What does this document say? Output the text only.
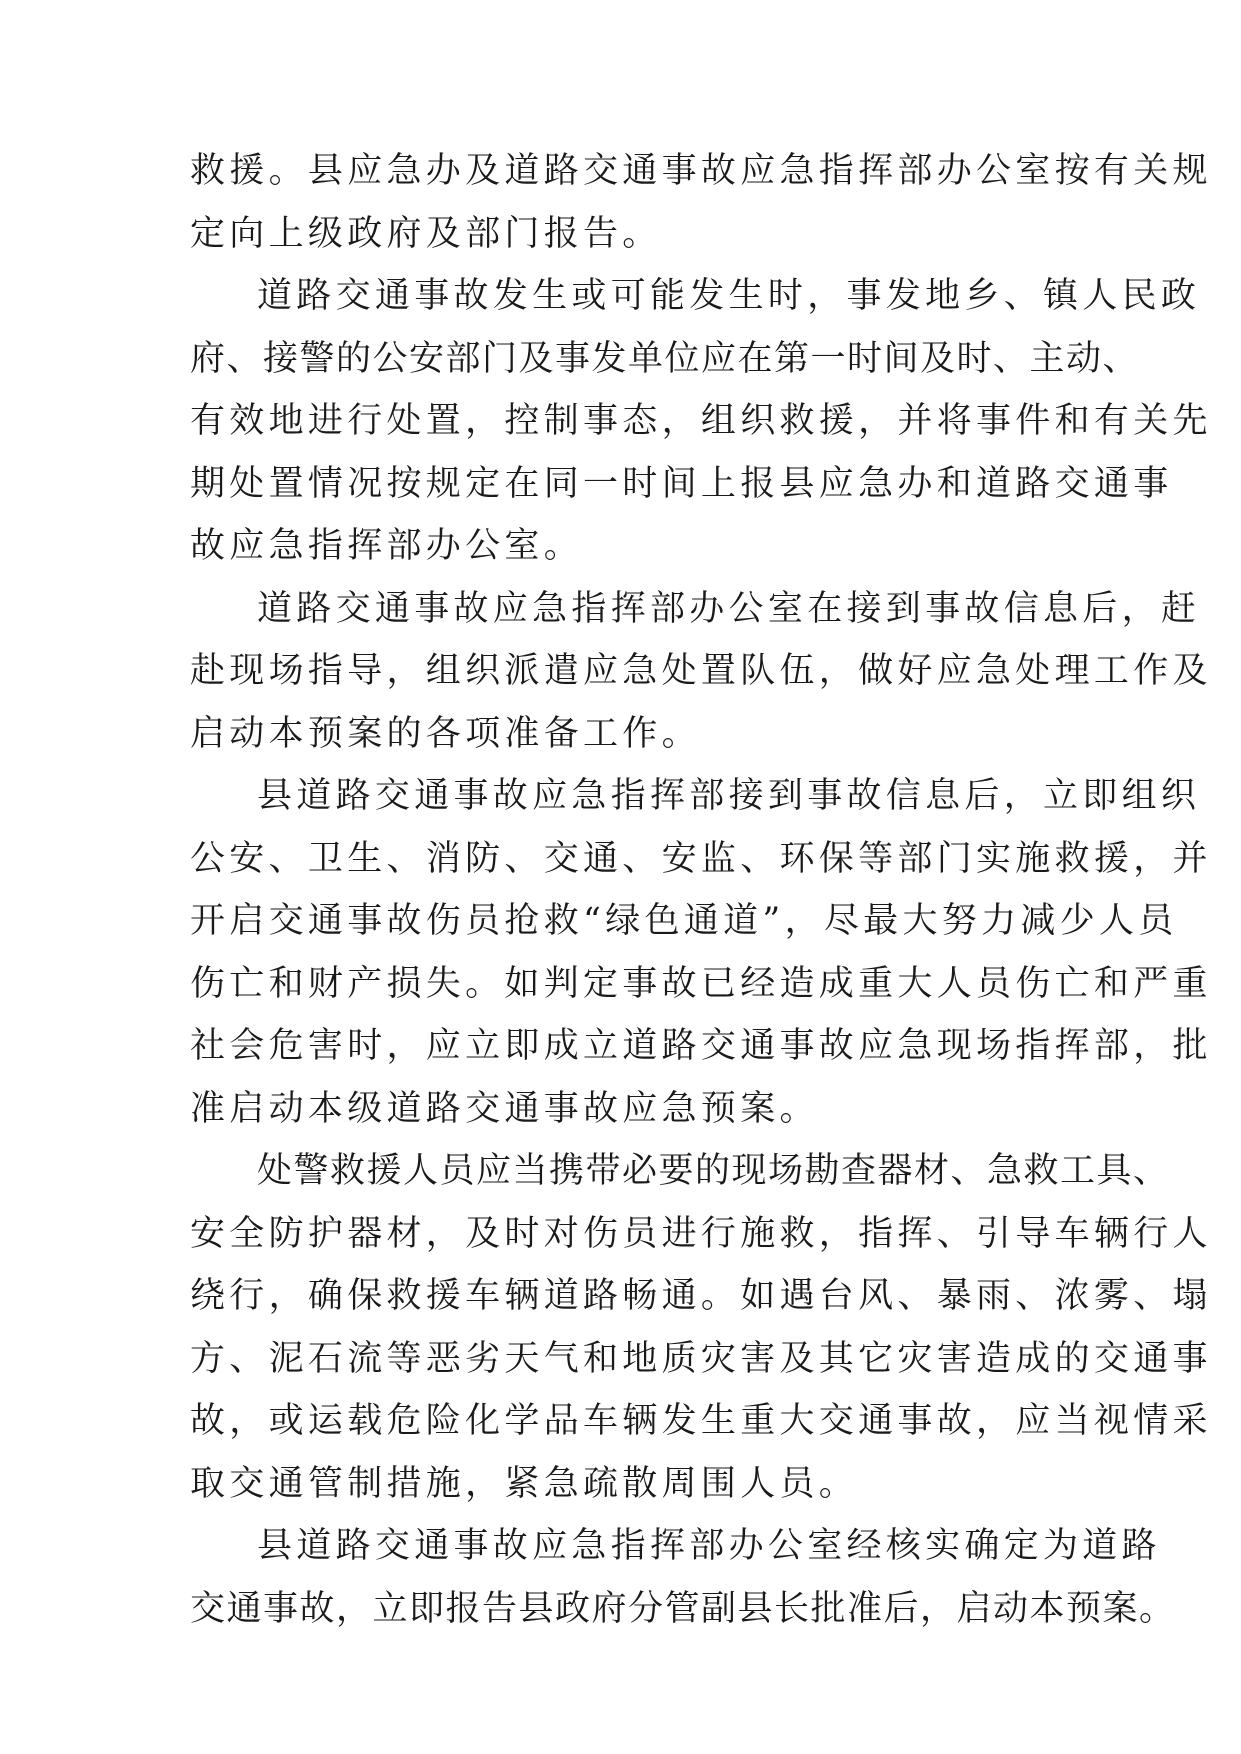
救援。县应急办及道路交通事故应急指挥部办公室按有关规
定向上级政府及部门报告。
道路交通事故发生或可能发生时，事发地乡、镇人民政
府、接警的公安部门及事发单位应在第一时间及时、主动、
有效地进行处置，控制事态，组织救援，并将事件和有关先
期处置情况按规定在同一时间上报县应急办和道路交通事
故应急指挥部办公室。
道路交通事故应急指挥部办公室在接到事故信息后，赶
赴现场指导，组织派遣应急处置队伍，做好应急处理工作及
启动本预案的各项准备工作。
县道路交通事故应急指挥部接到事故信息后，立即组织
公安、卫生、消防、交通、安监、环保等部门实施救援，并
开启交通事故伤员抢救“绿色通道”，尽最大努力减少人员
伤亡和财产损失。如判定事故已经造成重大人员伤亡和严重
社会危害时，应立即成立道路交通事故应急现场指挥部，批
准启动本级道路交通事故应急预案。
处警救援人员应当携带必要的现场勘查器材、急救工具、
安全防护器材，及时对伤员进行施救，指挥、引导车辆行人
绕行，确保救援车辆道路畅通。如遇台风、暴雨、浓雾、塌
方、泥石流等恶劣天气和地质灾害及其它灾害造成的交通事
故，或运载危险化学品车辆发生重大交通事故，应当视情采
取交通管制措施，紧急疏散周围人员。
县道路交通事故应急指挥部办公室经核实确定为道路
交通事故，立即报告县政府分管副县长批准后，启动本预案。
